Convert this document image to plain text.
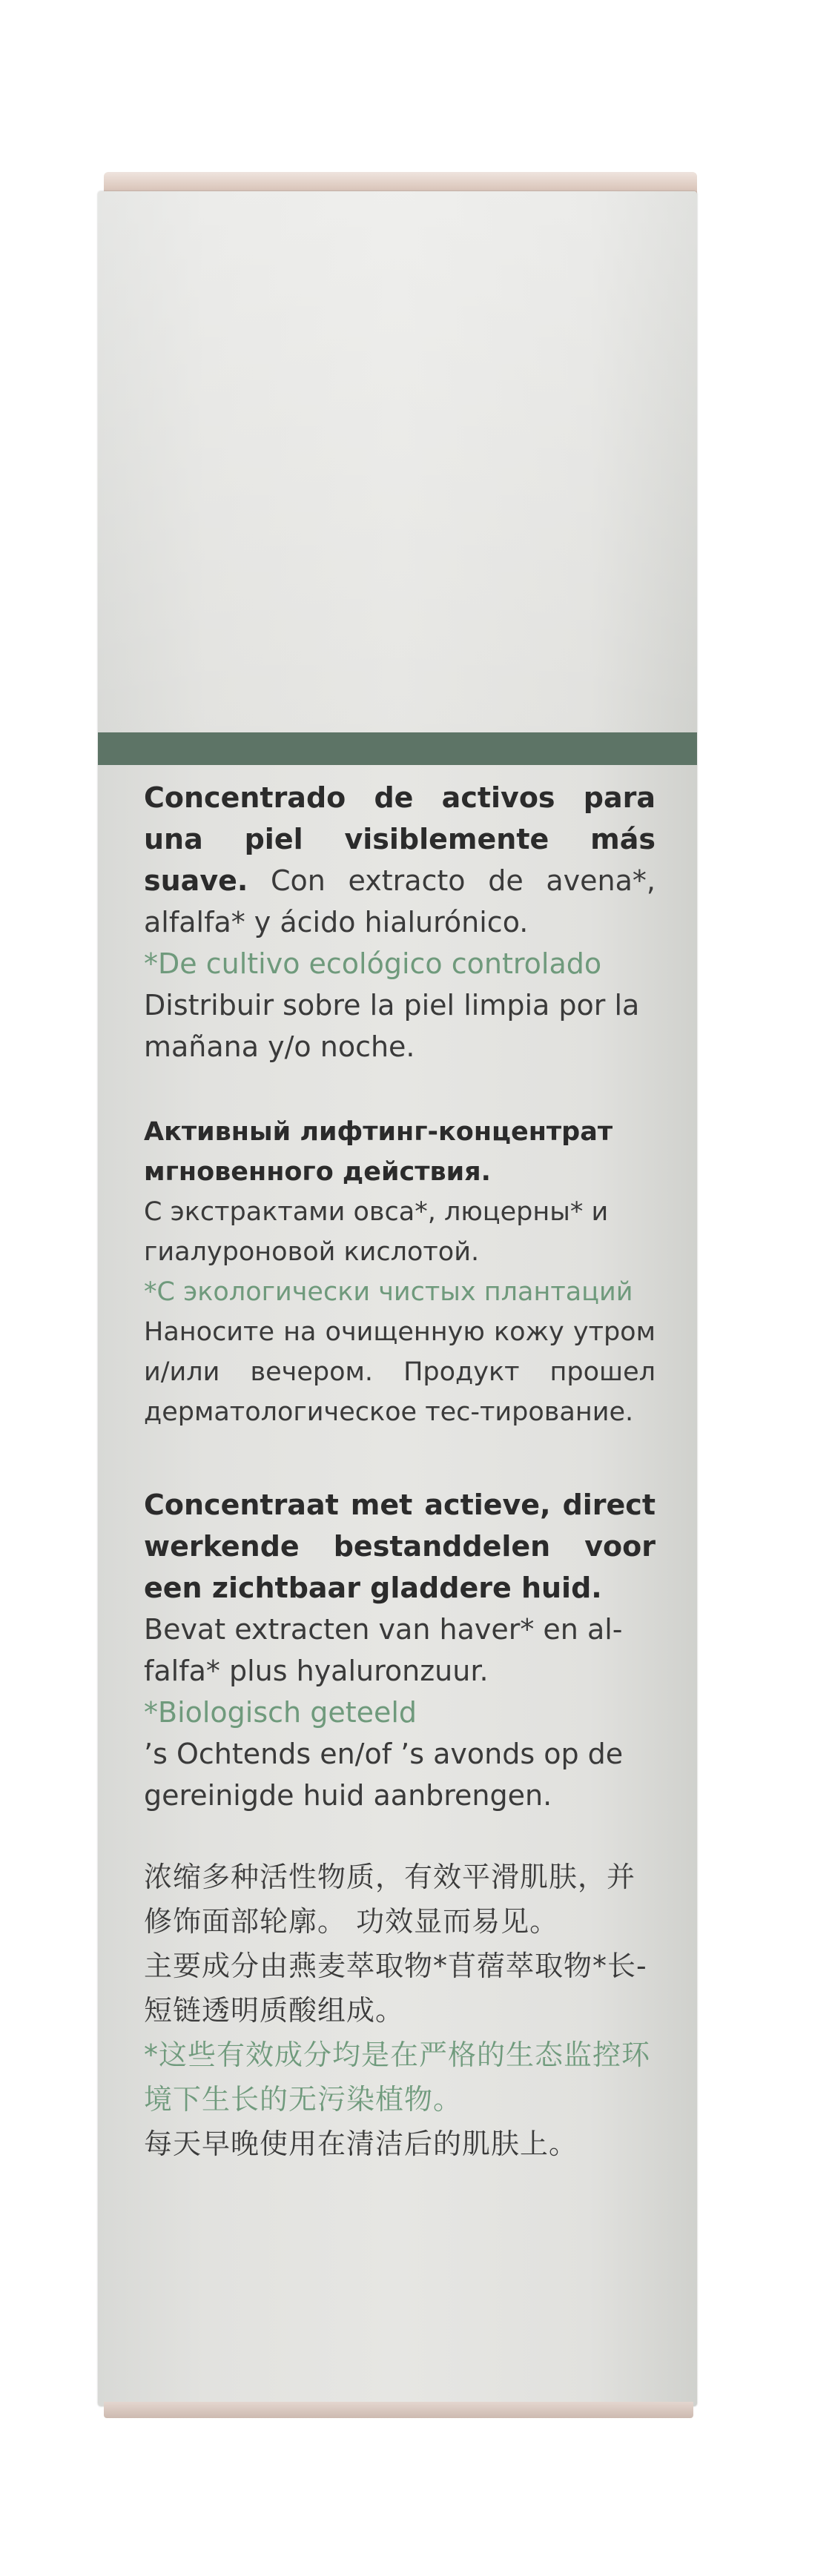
Concentrado de activos para una piel visiblemente más suave. Con extracto de avena*, alfalfa* y ácido hialurónico.

*De cultivo ecológico controlado

Distribuir sobre la piel limpia por la mañana y/o noche.

Активный лифтинг-концентрат мгновенного действия.

С экстрактами овса*, люцерны* и гиалуроновой кислотой.

*С экологически чистых плантаций

Наносите на очищенную кожу утром и/или вечером. Продукт прошел дерматологическое тес-тирование.

Concentraat met actieve, direct werkende bestanddelen voor een zichtbaar gladdere huid.

Bevat extracten van haver* en al-falfa* plus hyaluronzuur.

*Biologisch geteeld

’s Ochtends en/of ’s avonds op de gereinigde huid aanbrengen.

浓缩多种活性物质，有效平滑肌肤，并修饰面部轮廓。 功效显而易见。

主要成分由燕麦萃取物*苜蓿萃取物*长-短链透明质酸组成。

*这些有效成分均是在严格的生态监控环境下生长的无污染植物。

每天早晚使用在清洁后的肌肤上。
